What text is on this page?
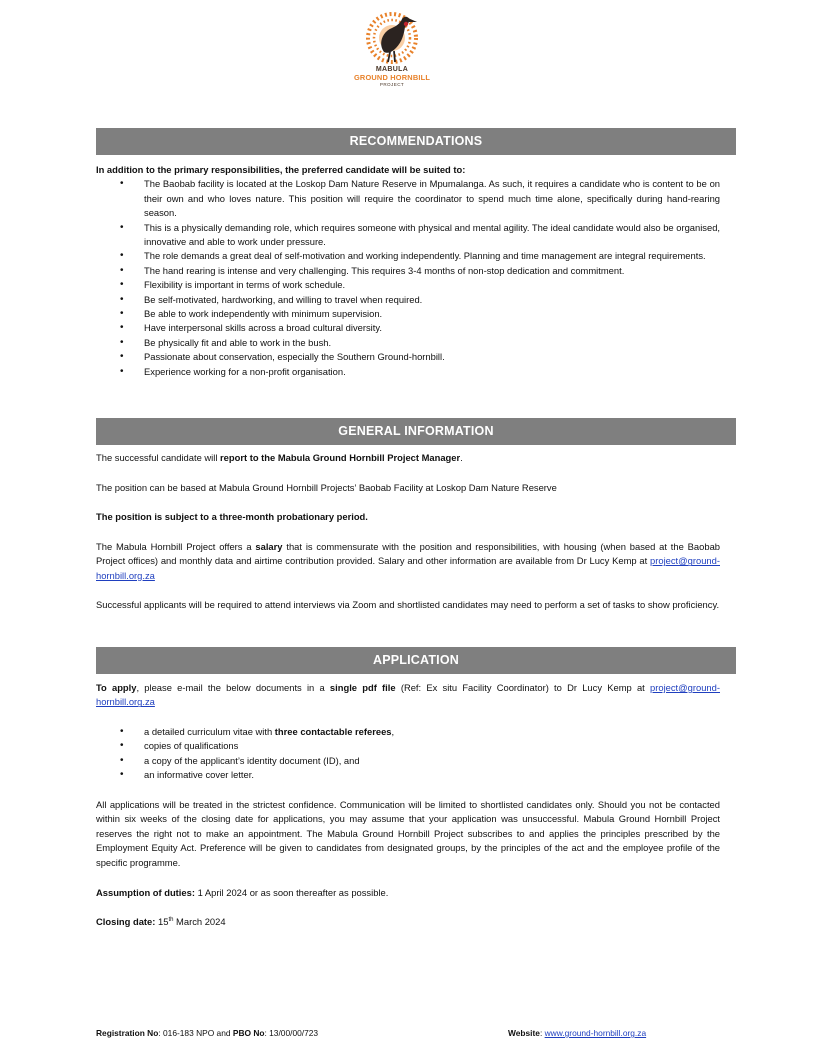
MABULA
GROUND HORNBILL
PROJECT
RECOMMENDATIONS

In addition to the primary responsibilities, the preferred candidate will be suited to:

• The Baobab facility is located at the Loskop Dam Nature Reserve in Mpumalanga. As such, it requires a candidate who is content to be on their own and who loves nature. This position will require the coordinator to spend much time alone, specifically during hand-rearing season.
• This is a physically demanding role, which requires someone with physical and mental agility. The ideal candidate would also be organised, innovative and able to work under pressure.
• The role demands a great deal of self-motivation and working independently. Planning and time management are integral requirements.
• The hand rearing is intense and very challenging. This requires 3-4 months of non-stop dedication and commitment.
• Flexibility is important in terms of work schedule.
• Be self-motivated, hardworking, and willing to travel when required.
• Be able to work independently with minimum supervision.
• Have interpersonal skills across a broad cultural diversity.
• Be physically fit and able to work in the bush.
• Passionate about conservation, especially the Southern Ground-hornbill.
• Experience working for a non-profit organisation.
GENERAL INFORMATION

The successful candidate will report to the Mabula Ground Hornbill Project Manager.

The position can be based at Mabula Ground Hornbill Projects’ Baobab Facility at Loskop Dam Nature Reserve

The position is subject to a three-month probationary period.

The Mabula Hornbill Project offers a salary that is commensurate with the position and responsibilities, with housing (when based at the Baobab Project offices) and monthly data and airtime contribution provided. Salary and other information are available from Dr Lucy Kemp at project@ground-hornbill.org.za

Successful applicants will be required to attend interviews via Zoom and shortlisted candidates may need to perform a set of tasks to show proficiency.

APPLICATION

To apply, please e-mail the below documents in a single pdf file (Ref: Ex situ Facility Coordinator) to Dr Lucy Kemp at project@ground-hornbill.org.za

• a detailed curriculum vitae with three contactable referees,
• copies of qualifications
• a copy of the applicant’s identity document (ID), and
• an informative cover letter.

All applications will be treated in the strictest confidence. Communication will be limited to shortlisted candidates only. Should you not be contacted within six weeks of the closing date for applications, you may assume that your application was unsuccessful. Mabula Ground Hornbill Project reserves the right not to make an appointment. The Mabula Ground Hornbill Project subscribes to and applies the principles prescribed by the Employment Equity Act. Preference will be given to candidates from designated groups, by the principles of the act and the employee profile of the specific programme.

Assumption of duties: 1 April 2024 or as soon thereafter as possible.

Closing date: 15th March 2024

Registration No: 016-183 NPO and PBO No: 13/00/00/723	Website: www.ground-hornbill.org.za
